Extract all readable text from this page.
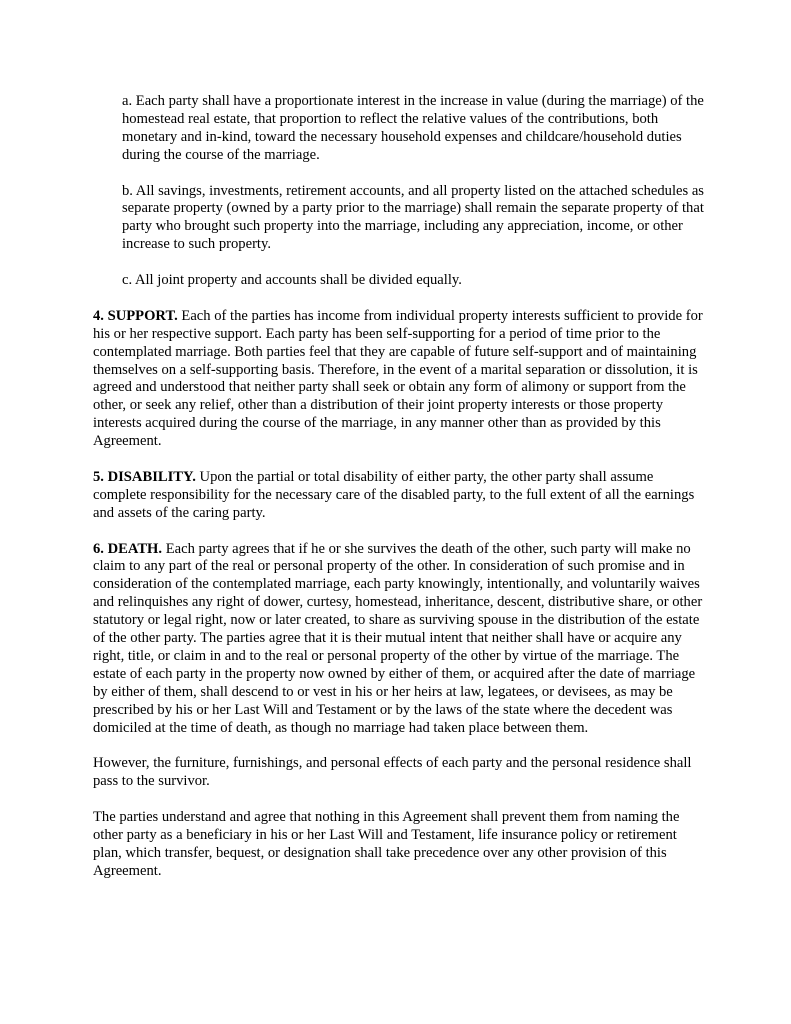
a. Each party shall have a proportionate interest in the increase in value (during the marriage) of the homestead real estate, that proportion to reflect the relative values of the contributions, both monetary and in-kind, toward the necessary household expenses and childcare/household duties during the course of the marriage.

b. All savings, investments, retirement accounts, and all property listed on the attached schedules as separate property (owned by a party prior to the marriage) shall remain the separate property of that party who brought such property into the marriage, including any appreciation, income, or other increase to such property.

c. All joint property and accounts shall be divided equally.

4. SUPPORT. Each of the parties has income from individual property interests sufficient to provide for his or her respective support. Each party has been self-supporting for a period of time prior to the contemplated marriage. Both parties feel that they are capable of future self-support and of maintaining themselves on a self-supporting basis. Therefore, in the event of a marital separation or dissolution, it is agreed and understood that neither party shall seek or obtain any form of alimony or support from the other, or seek any relief, other than a distribution of their joint property interests or those property interests acquired during the course of the marriage, in any manner other than as provided by this Agreement.

5. DISABILITY. Upon the partial or total disability of either party, the other party shall assume complete responsibility for the necessary care of the disabled party, to the full extent of all the earnings and assets of the caring party.

6. DEATH. Each party agrees that if he or she survives the death of the other, such party will make no claim to any part of the real or personal property of the other. In consideration of such promise and in consideration of the contemplated marriage, each party knowingly, intentionally, and voluntarily waives and relinquishes any right of dower, curtesy, homestead, inheritance, descent, distributive share, or other statutory or legal right, now or later created, to share as surviving spouse in the distribution of the estate of the other party. The parties agree that it is their mutual intent that neither shall have or acquire any right, title, or claim in and to the real or personal property of the other by virtue of the marriage. The estate of each party in the property now owned by either of them, or acquired after the date of marriage by either of them, shall descend to or vest in his or her heirs at law, legatees, or devisees, as may be prescribed by his or her Last Will and Testament or by the laws of the state where the decedent was domiciled at the time of death, as though no marriage had taken place between them.

However, the furniture, furnishings, and personal effects of each party and the personal residence shall pass to the survivor.

The parties understand and agree that nothing in this Agreement shall prevent them from naming the other party as a beneficiary in his or her Last Will and Testament, life insurance policy or retirement plan, which transfer, bequest, or designation shall take precedence over any other provision of this Agreement.
